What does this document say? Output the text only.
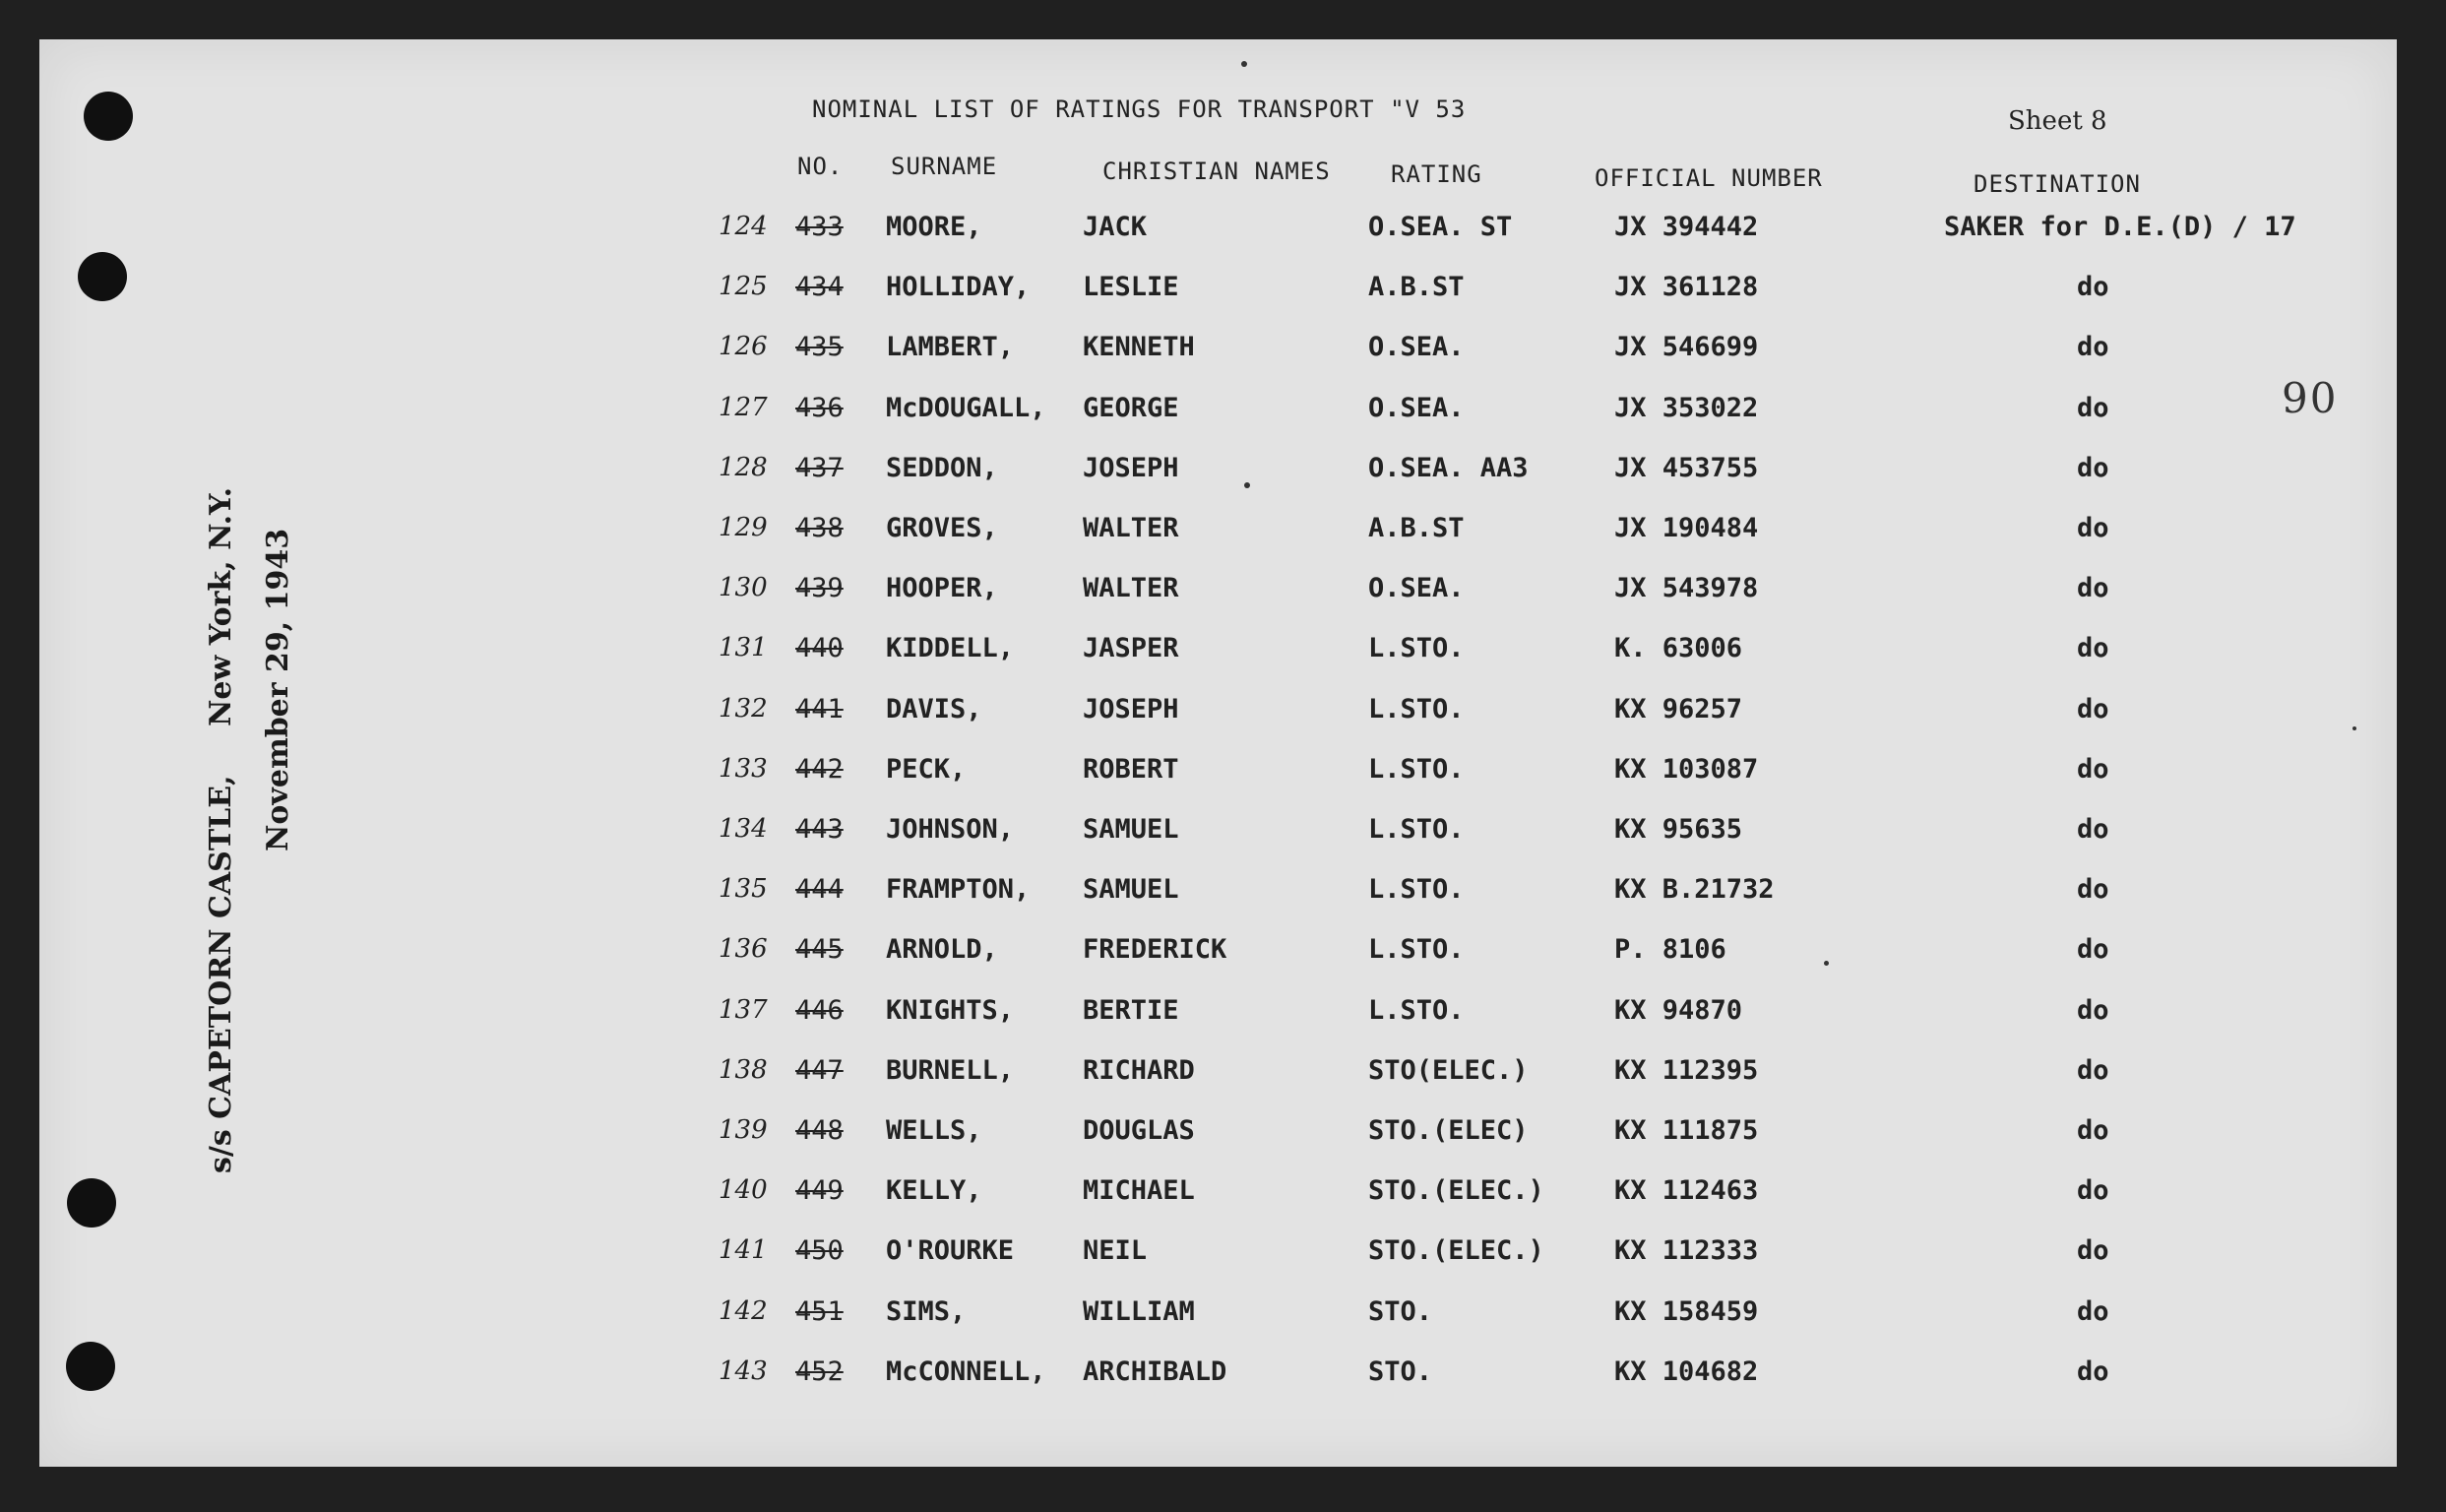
NOMINAL LIST OF RATINGS FOR TRANSPORT "V 53	Sheet 8
90
s/s CAPETORN CASTLE,
New York, N.Y. November 29, 1943
NO. SURNAME	CHRISTIAN NAMES	RATING	OFFICIAL NUMBER	DESTINATION
124 433 MOORE,	JACK	O.SEA. ST	JX 394442	SAKER for D.E.(D) / 17
125 434 HOLLIDAY, LESLIE	A.B.ST	JX 361128	do
126 435 LAMBERT,	KENNETH	O.SEA.	JX 546699	do
127 436 McDOUGALL, GEORGE	O.SEA.	JX 353022	do
128 437 SEDDON,	JOSEPH	O.SEA. AA3	JX 453755	do
129 438 GROVES,	WALTER	A.B.ST	JX 190484	do
130 439 HOOPER,	WALTER	O.SEA.	JX 543978	do
131 440 KIDDELL,	JASPER	L.STO.	K. 63006	do
132 441 DAVIS,	JOSEPH	L.STO.	KX 96257	do
133 442 PECK,	ROBERT	L.STO.	KX 103087	do
134 443 JOHNSON,	SAMUEL	L.STO.	KX 95635	do
135 444 FRAMPTON, SAMUEL	L.STO.	KX B.21732	do
136 445 ARNOLD,	FREDERICK	L.STO.	P. 8106	do
137 446 KNIGHTS,	BERTIE	L.STO.	KX 94870	do
138 447 BURNELL,	RICHARD	STO(ELEC.)	KX 112395	do
139 448 WELLS,	DOUGLAS	STO.(ELEC)	KX 111875	do
140 449 KELLY,	MICHAEL	STO.(ELEC.)	KX 112463	do
141 450 O'ROURKE	NEIL	STO.(ELEC.)	KX 112333	do
142 451 SIMS,	WILLIAM	STO.	KX 158459	do
143 452 McCONNELL, ARCHIBALD	STO.	KX 104682	do
